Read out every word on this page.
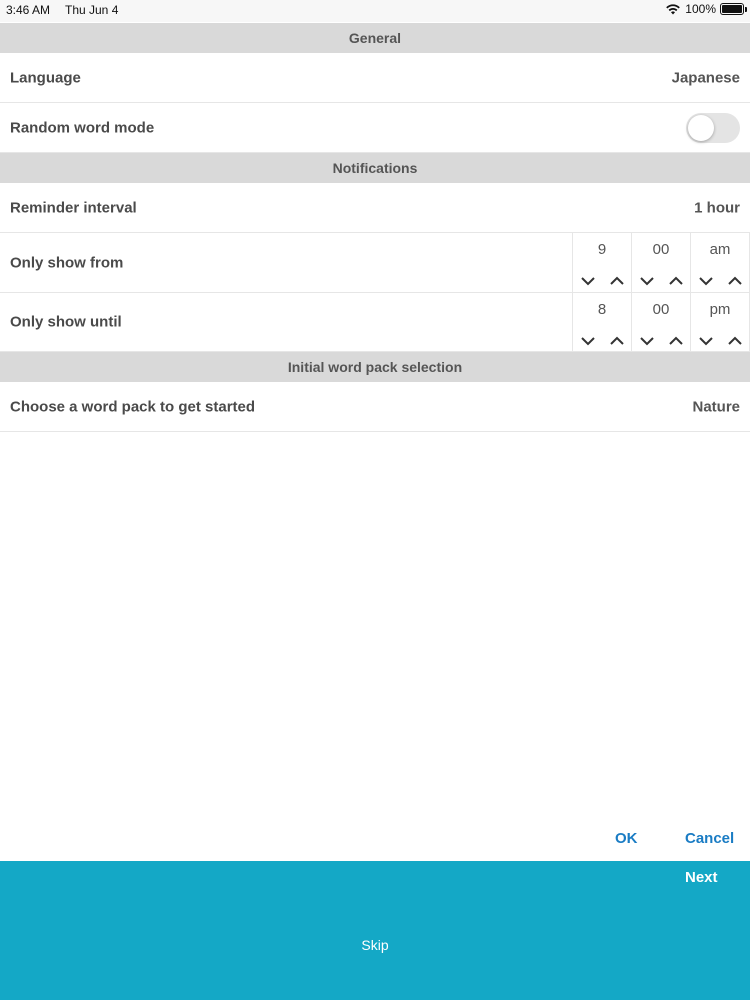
3:46 AM Thu Jun 4	100%
General
Language	Japanese
Random word mode
Notifications
Reminder interval	1 hour
Only show from
9	00	am
Only show until
8	00	pm
Initial word pack selection
Choose a word pack to get started	Nature
OK	Cancel
Next
Skip
